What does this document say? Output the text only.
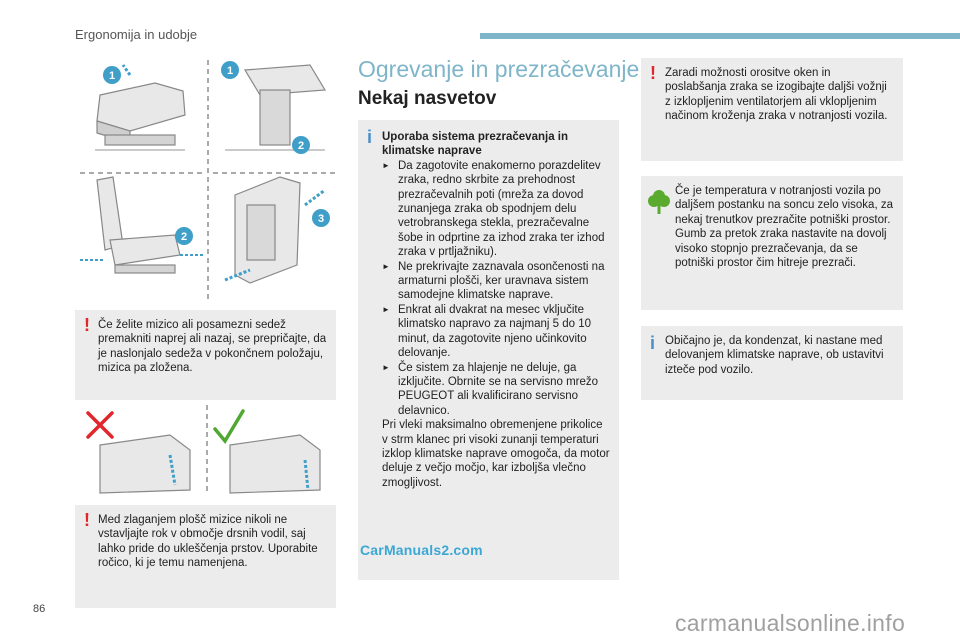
Ergonomija in udobje
1	1
2
2
3
! Če želite mizico ali posamezni sedež premakniti naprej ali nazaj, se prepričajte, da je naslonjalo sedeža v pokončnem položaju, mizica pa zložena.
! Med zlaganjem plošč mizice nikoli ne vstavljajte rok v območje drsnih vodil, saj lahko pride do ukleščenja prstov. Uporabite ročico, ki je temu namenjena.
Ogrevanje in prezračevanje
Nekaj nasvetov
i Uporaba sistema prezračevanja in klimatske naprave
► Da zagotovite enakomerno porazdelitev zraka, redno skrbite za prehodnost prezračevalnih poti (mreža za dovod zunanjega zraka ob spodnjem delu vetrobranskega stekla, prezračevalne šobe in odprtine za izhod zraka ter izhod zraka v prtljažniku).
► Ne prekrivajte zaznavala osončenosti na armaturni plošči, ker uravnava sistem samodejne klimatske naprave.
► Enkrat ali dvakrat na mesec vključite klimatsko napravo za najmanj 5 do 10 minut, da zagotovite njeno učinkovito delovanje.
► Če sistem za hlajenje ne deluje, ga izključite. Obrnite se na servisno mrežo PEUGEOT ali kvalificirano servisno delavnico.
Pri vleki maksimalno obremenjene prikolice v strm klanec pri visoki zunanji temperaturi izklop klimatske naprave omogoča, da motor deluje z večjo močjo, kar izboljša vlečno zmogljivost.
! Zaradi možnosti orositve oken in poslabšanja zraka se izogibajte daljši vožnji z izklopljenim ventilatorjem ali vklopljenim načinom kroženja zraka v notranjosti vozila.
Če je temperatura v notranjosti vozila po daljšem postanku na soncu zelo visoka, za nekaj trenutkov prezračite potniški prostor.
Gumb za pretok zraka nastavite na dovolj visoko stopnjo prezračevanja, da se potniški prostor čim hitreje prezrači.
i Običajno je, da kondenzat, ki nastane med delovanjem klimatske naprave, ob ustavitvi izteče pod vozilo.
86
CarManuals2.com
carmanualsonline.info
